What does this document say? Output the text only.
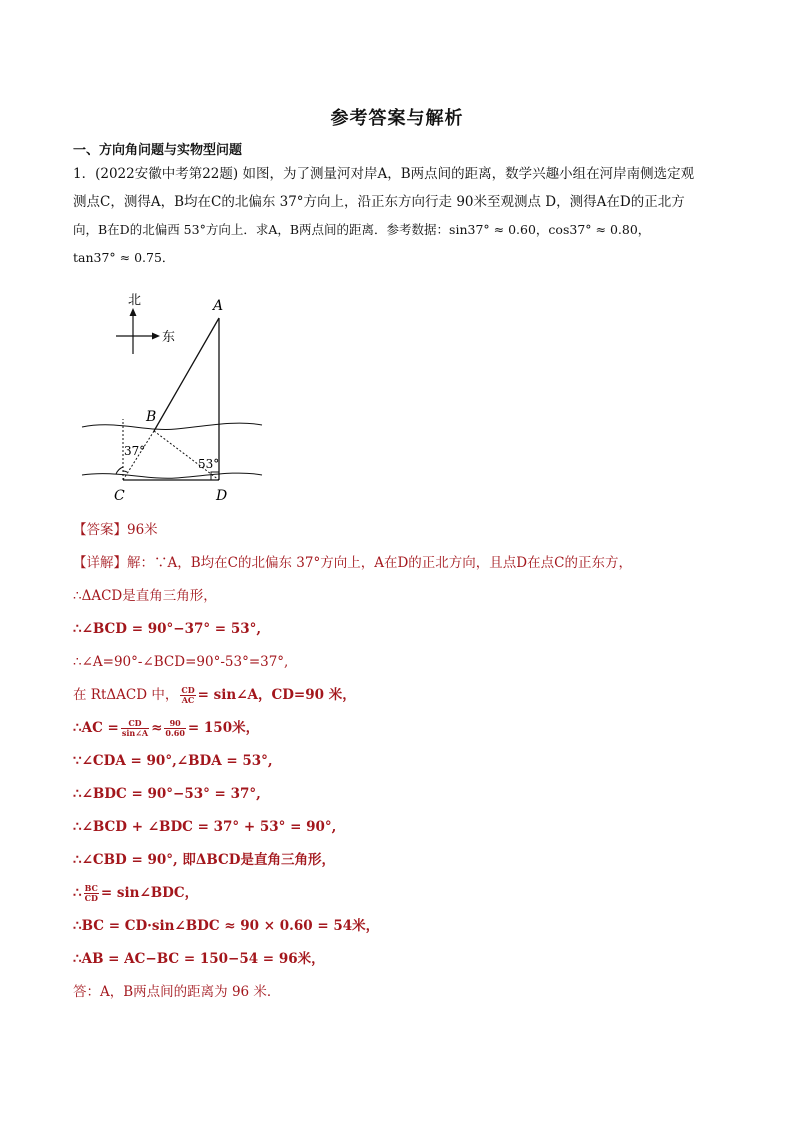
参考答案与解析
一、方向角问题与实物型问题

1．(2022安徽中考第22题) 如图，为了测量河对岸A，B两点间的距离，数学兴趣小组在河岸南侧选定观

测点C，测得A，B均在C的北偏东 37°方向上，沿正东方向行走 90米至观测点 D，测得A在D的正北方

向，B在D的北偏西 53°方向上．求A，B两点间的距离．参考数据：sin37° ≈ 0.60，cos37° ≈ 0.80，

tan37° ≈ 0.75．

北
东
A
B
C	D
37°
53°
【答案】96米
【详解】解：∵A，B均在C的北偏东 37°方向上，A在D的正北方向，且点D在点C的正东方，
∴ΔACD是直角三角形，
∴∠BCD = 90°−37° = 53°,
∴∠A=90°-∠BCD=90°-53°=37°,
在 RtΔACD 中， $\frac{CD}{AC}$ = sin∠A，CD=90 米，
∴AC = $\frac{CD}{\sin\angle A} \approx \frac{90}{0.60} = 150$米，
∵∠CDA = 90°,∠BDA = 53°,
∴∠BDC = 90°−53° = 37°,
∴∠BCD + ∠BDC = 37° + 53° = 90°,
∴∠CBD = 90°, 即ΔBCD是直角三角形，
∴ $\frac{BC}{CD}$ = sin∠BDC，
∴BC = CD·sin∠BDC ≈ 90 × 0.60 = 54米，
∴AB = AC−BC = 150−54 = 96米，
答：A，B两点间的距离为 96 米．
